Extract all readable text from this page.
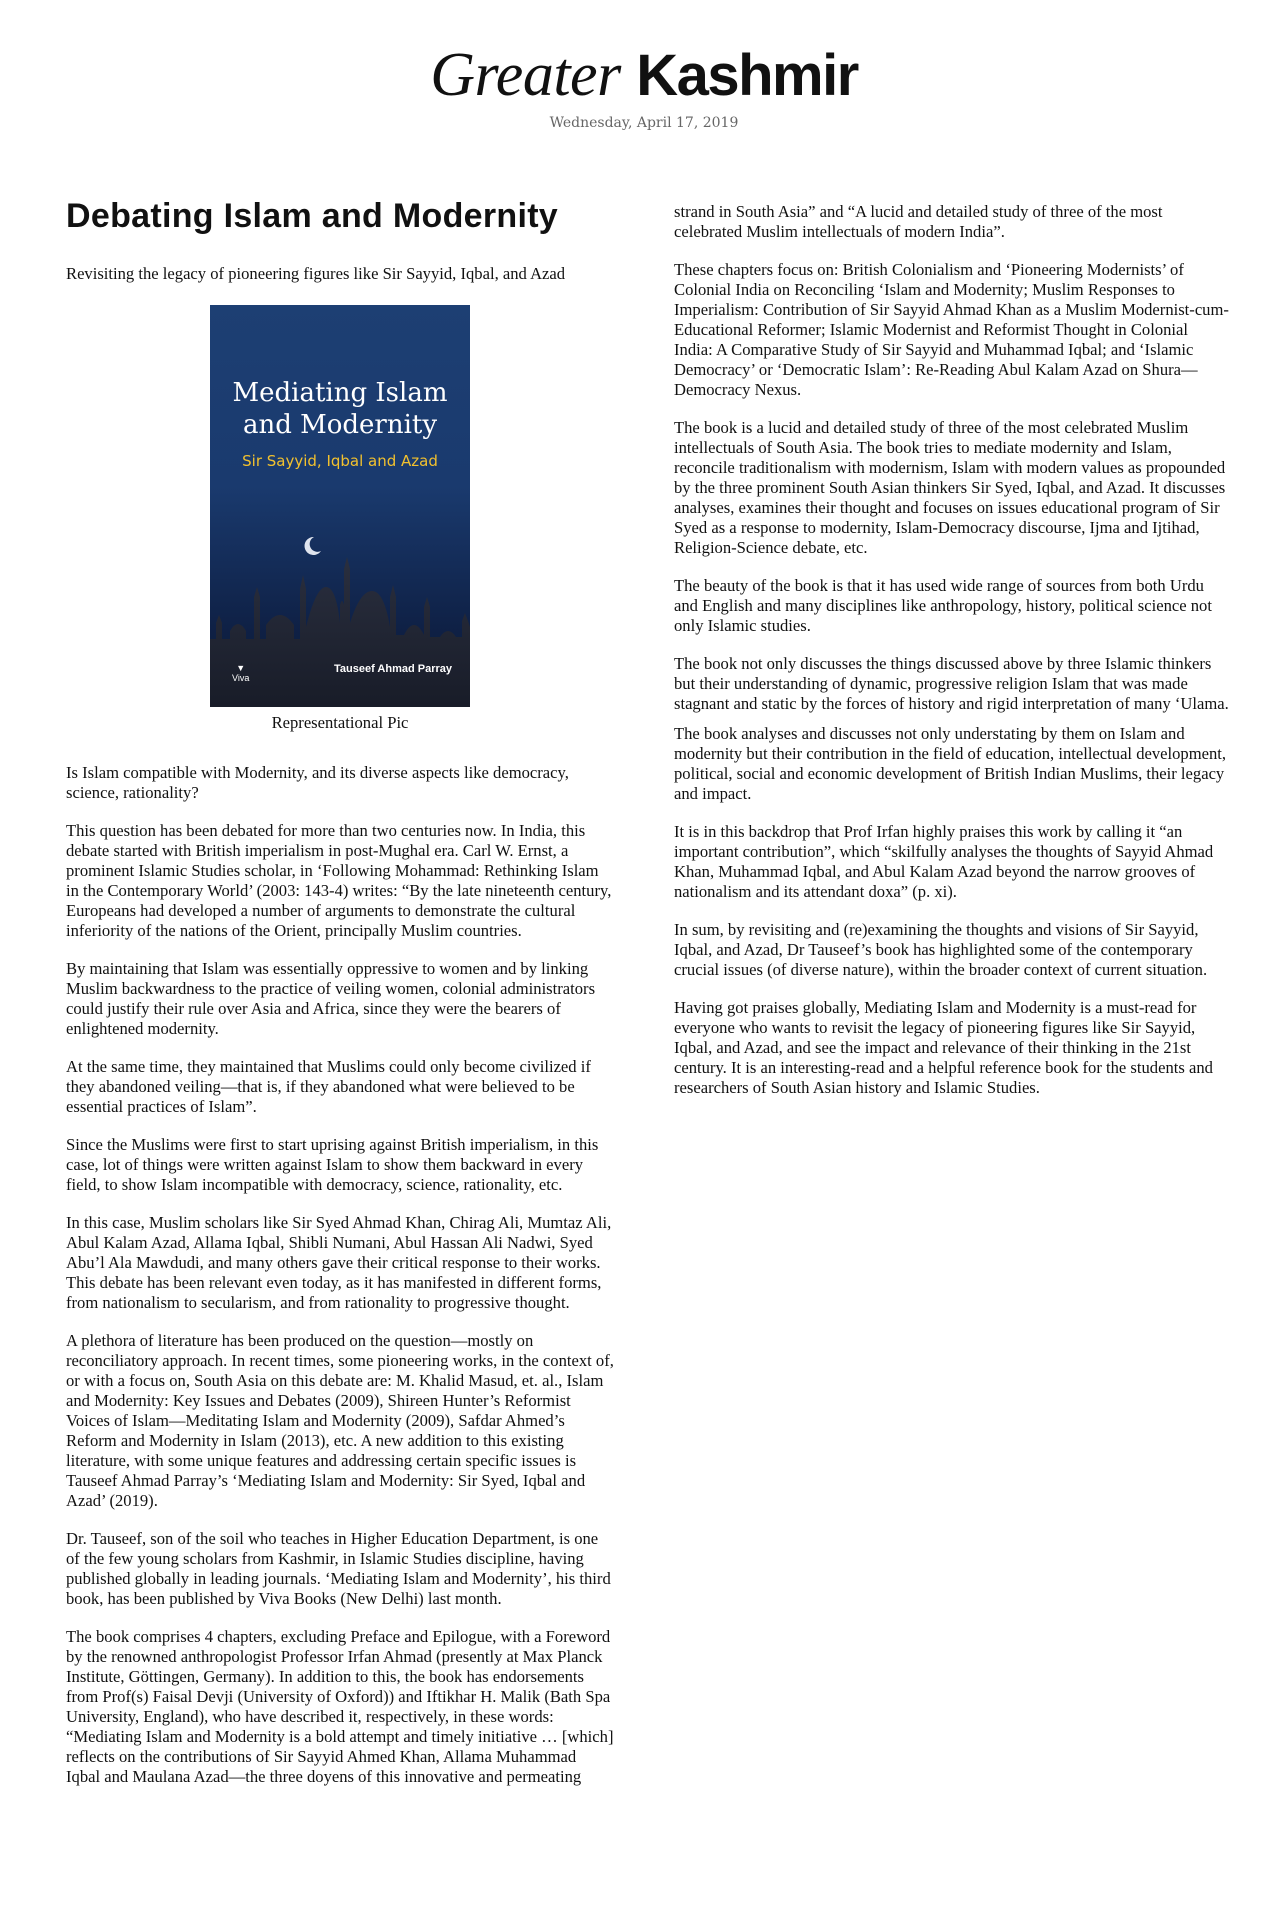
Greater Kashmir
Wednesday, April 17, 2019
Debating Islam and Modernity

Revisiting the legacy of pioneering figures like Sir Sayyid, Iqbal, and Azad

Mediating Islam and Modernity
Sir Sayyid, Iqbal and Azad
▼
Viva
Tauseef Ahmad Parray
Representational Pic

Is Islam compatible with Modernity, and its diverse aspects like democracy, science, rationality?

This question has been debated for more than two centuries now. In India, this debate started with British imperialism in post-Mughal era. Carl W. Ernst, a prominent Islamic Studies scholar, in ‘Following Mohammad: Rethinking Islam in the Contemporary World’ (2003: 143-4) writes: “By the late nineteenth century, Europeans had developed a number of arguments to demonstrate the cultural inferiority of the nations of the Orient, principally Muslim countries.

By maintaining that Islam was essentially oppressive to women and by linking Muslim backwardness to the practice of veiling women, colonial administrators could justify their rule over Asia and Africa, since they were the bearers of enlightened modernity.

At the same time, they maintained that Muslims could only become civilized if they abandoned veiling—that is, if they abandoned what were believed to be essential practices of Islam”.

Since the Muslims were first to start uprising against British imperialism, in this case, lot of things were written against Islam to show them backward in every field, to show Islam incompatible with democracy, science, rationality, etc.

In this case, Muslim scholars like Sir Syed Ahmad Khan, Chirag Ali, Mumtaz Ali, Abul Kalam Azad, Allama Iqbal, Shibli Numani, Abul Hassan Ali Nadwi, Syed Abu’l Ala Mawdudi, and many others gave their critical response to their works. This debate has been relevant even today, as it has manifested in different forms, from nationalism to secularism, and from rationality to progressive thought.

A plethora of literature has been produced on the question—mostly on reconciliatory approach. In recent times, some pioneering works, in the context of, or with a focus on, South Asia on this debate are: M. Khalid Masud, et. al., Islam and Modernity: Key Issues and Debates (2009), Shireen Hunter’s Reformist Voices of Islam—Meditating Islam and Modernity (2009), Safdar Ahmed’s Reform and Modernity in Islam (2013), etc. A new addition to this existing literature, with some unique features and addressing certain specific issues is Tauseef Ahmad Parray’s ‘Mediating Islam and Modernity: Sir Syed, Iqbal and Azad’ (2019).

Dr. Tauseef, son of the soil who teaches in Higher Education Department, is one of the few young scholars from Kashmir, in Islamic Studies discipline, having published globally in leading journals. ‘Mediating Islam and Modernity’, his third book, has been published by Viva Books (New Delhi) last month.

The book comprises 4 chapters, excluding Preface and Epilogue, with a Foreword by the renowned anthropologist Professor Irfan Ahmad (presently at Max Planck Institute, Göttingen, Germany). In addition to this, the book has endorsements from Prof(s) Faisal Devji (University of Oxford)) and Iftikhar H. Malik (Bath Spa University, England), who have described it, respectively, in these words: “Mediating Islam and Modernity is a bold attempt and timely initiative … [which] reflects on the contributions of Sir Sayyid Ahmed Khan, Allama Muhammad Iqbal and Maulana Azad—the three doyens of this innovative and permeating

strand in South Asia” and “A lucid and detailed study of three of the most celebrated Muslim intellectuals of modern India”.

These chapters focus on: British Colonialism and ‘Pioneering Modernists’ of Colonial India on Reconciling ‘Islam and Modernity; Muslim Responses to Imperialism: Contribution of Sir Sayyid Ahmad Khan as a Muslim Modernist-cum-Educational Reformer; Islamic Modernist and Reformist Thought in Colonial India: A Comparative Study of Sir Sayyid and Muhammad Iqbal; and ‘Islamic Democracy’ or ‘Democratic Islam’: Re-Reading Abul Kalam Azad on Shura—Democracy Nexus.

The book is a lucid and detailed study of three of the most celebrated Muslim intellectuals of South Asia. The book tries to mediate modernity and Islam, reconcile traditionalism with modernism, Islam with modern values as propounded by the three prominent South Asian thinkers Sir Syed, Iqbal, and Azad. It discusses analyses, examines their thought and focuses on issues educational program of Sir Syed as a response to modernity, Islam-Democracy discourse, Ijma and Ijtihad, Religion-Science debate, etc.

The beauty of the book is that it has used wide range of sources from both Urdu and English and many disciplines like anthropology, history, political science not only Islamic studies.

The book not only discusses the things discussed above by three Islamic thinkers but their understanding of dynamic, progressive religion Islam that was made stagnant and static by the forces of history and rigid interpretation of many ‘Ulama.

The book analyses and discusses not only understating by them on Islam and modernity but their contribution in the field of education, intellectual development, political, social and economic development of British Indian Muslims, their legacy and impact.

It is in this backdrop that Prof Irfan highly praises this work by calling it “an important contribution”, which “skilfully analyses the thoughts of Sayyid Ahmad Khan, Muhammad Iqbal, and Abul Kalam Azad beyond the narrow grooves of nationalism and its attendant doxa” (p. xi).

In sum, by revisiting and (re)examining the thoughts and visions of Sir Sayyid, Iqbal, and Azad, Dr Tauseef’s book has highlighted some of the contemporary crucial issues (of diverse nature), within the broader context of current situation.

Having got praises globally, Mediating Islam and Modernity is a must-read for everyone who wants to revisit the legacy of pioneering figures like Sir Sayyid, Iqbal, and Azad, and see the impact and relevance of their thinking in the 21st century. It is an interesting-read and a helpful reference book for the students and researchers of South Asian history and Islamic Studies.
